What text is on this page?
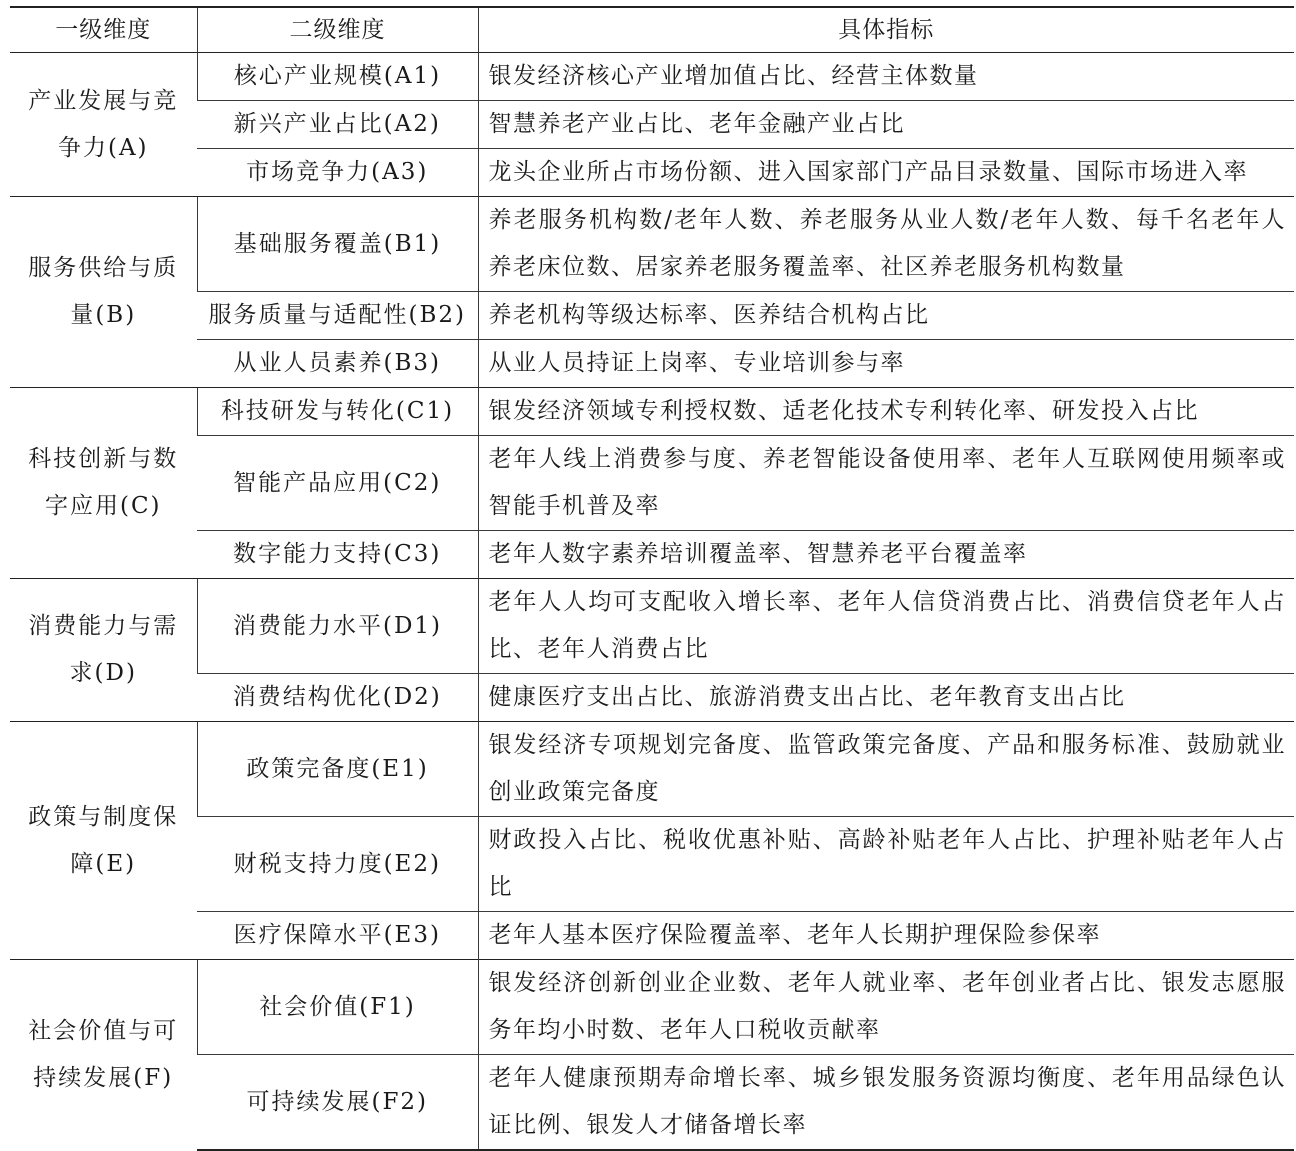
一级维度	二级维度	具体指标
产业发展与竞争力(A)	核心产业规模(A1)	银发经济核心产业增加值占比、经营主体数量
	新兴产业占比(A2)	智慧养老产业占比、老年金融产业占比
	市场竞争力(A3)	龙头企业所占市场份额、进入国家部门产品目录数量、国际市场进入率
服务供给与质量(B)	基础服务覆盖(B1)	养老服务机构数/老年人数、养老服务从业人数/老年人数、每千名老年人养老床位数、居家养老服务覆盖率、社区养老服务机构数量
	服务质量与适配性(B2)	养老机构等级达标率、医养结合机构占比
	从业人员素养(B3)	从业人员持证上岗率、专业培训参与率
科技创新与数字应用(C)	科技研发与转化(C1)	银发经济领域专利授权数、适老化技术专利转化率、研发投入占比
	智能产品应用(C2)	老年人线上消费参与度、养老智能设备使用率、老年人互联网使用频率或智能手机普及率
	数字能力支持(C3)	老年人数字素养培训覆盖率、智慧养老平台覆盖率
消费能力与需求(D)	消费能力水平(D1)	老年人人均可支配收入增长率、老年人信贷消费占比、消费信贷老年人占比、老年人消费占比
	消费结构优化(D2)	健康医疗支出占比、旅游消费支出占比、老年教育支出占比
政策与制度保障(E)	政策完备度(E1)	银发经济专项规划完备度、监管政策完备度、产品和服务标准、鼓励就业创业政策完备度
	财税支持力度(E2)	财政投入占比、税收优惠补贴、高龄补贴老年人占比、护理补贴老年人占比
	医疗保障水平(E3)	老年人基本医疗保险覆盖率、老年人长期护理保险参保率
社会价值与可持续发展(F)	社会价值(F1)	银发经济创新创业企业数、老年人就业率、老年创业者占比、银发志愿服务年均小时数、老年人口税收贡献率
	可持续发展(F2)	老年人健康预期寿命增长率、城乡银发服务资源均衡度、老年用品绿色认证比例、银发人才储备增长率
